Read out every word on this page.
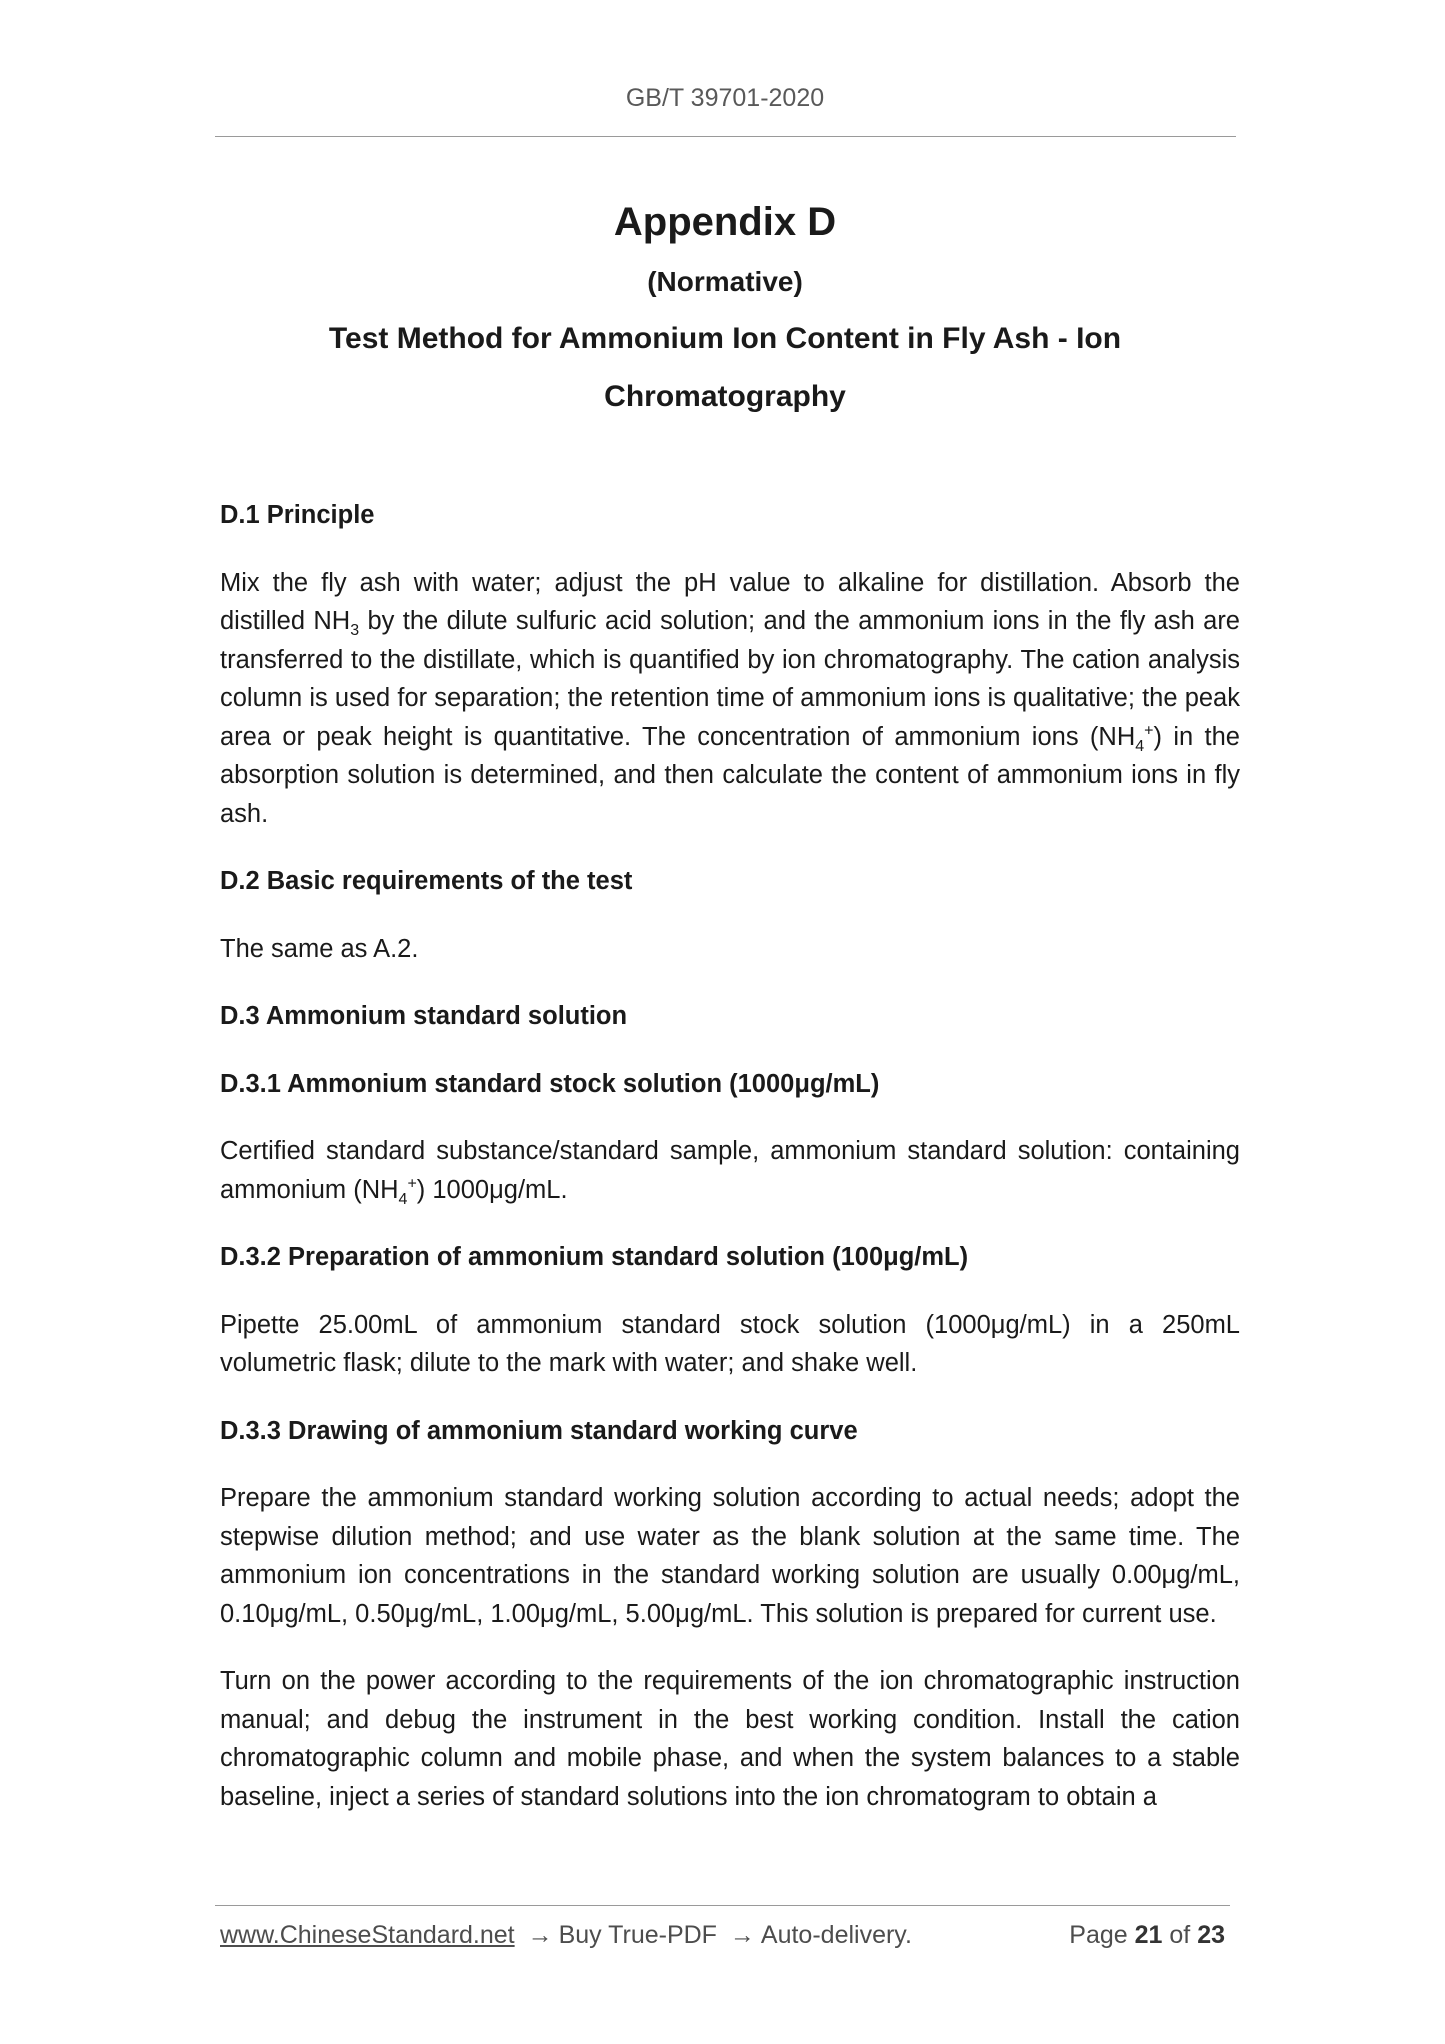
GB/T 39701-2020
Appendix D
(Normative)
Test Method for Ammonium Ion Content in Fly Ash - Ion Chromatography
D.1 Principle
Mix the fly ash with water; adjust the pH value to alkaline for distillation. Absorb the distilled $NH_3$ by the dilute sulfuric acid solution; and the ammonium ions in the fly ash are transferred to the distillate, which is quantified by ion chromatography. The cation analysis column is used for separation; the retention time of ammonium ions is qualitative; the peak area or peak height is quantitative. The concentration of ammonium ions $(NH_4^+)$ in the absorption solution is determined, and then calculate the content of ammonium ions in fly ash.
D.2 Basic requirements of the test
The same as A.2.
D.3 Ammonium standard solution
D.3.1 Ammonium standard stock solution (1000μg/mL)
Certified standard substance/standard sample, ammonium standard solution: containing ammonium $(NH_4^+)$ 1000μg/mL.
D.3.2 Preparation of ammonium standard solution (100μg/mL)
Pipette 25.00mL of ammonium standard stock solution (1000μg/mL) in a 250mL volumetric flask; dilute to the mark with water; and shake well.
D.3.3 Drawing of ammonium standard working curve
Prepare the ammonium standard working solution according to actual needs; adopt the stepwise dilution method; and use water as the blank solution at the same time. The ammonium ion concentrations in the standard working solution are usually 0.00μg/mL, 0.10μg/mL, 0.50μg/mL, 1.00μg/mL, 5.00μg/mL. This solution is prepared for current use.
Turn on the power according to the requirements of the ion chromatographic instruction manual; and debug the instrument in the best working condition. Install the cation chromatographic column and mobile phase, and when the system balances to a stable baseline, inject a series of standard solutions into the ion chromatogram to obtain a
www.ChineseStandard.net → Buy True-PDF → Auto-delivery.	Page 21 of 23
